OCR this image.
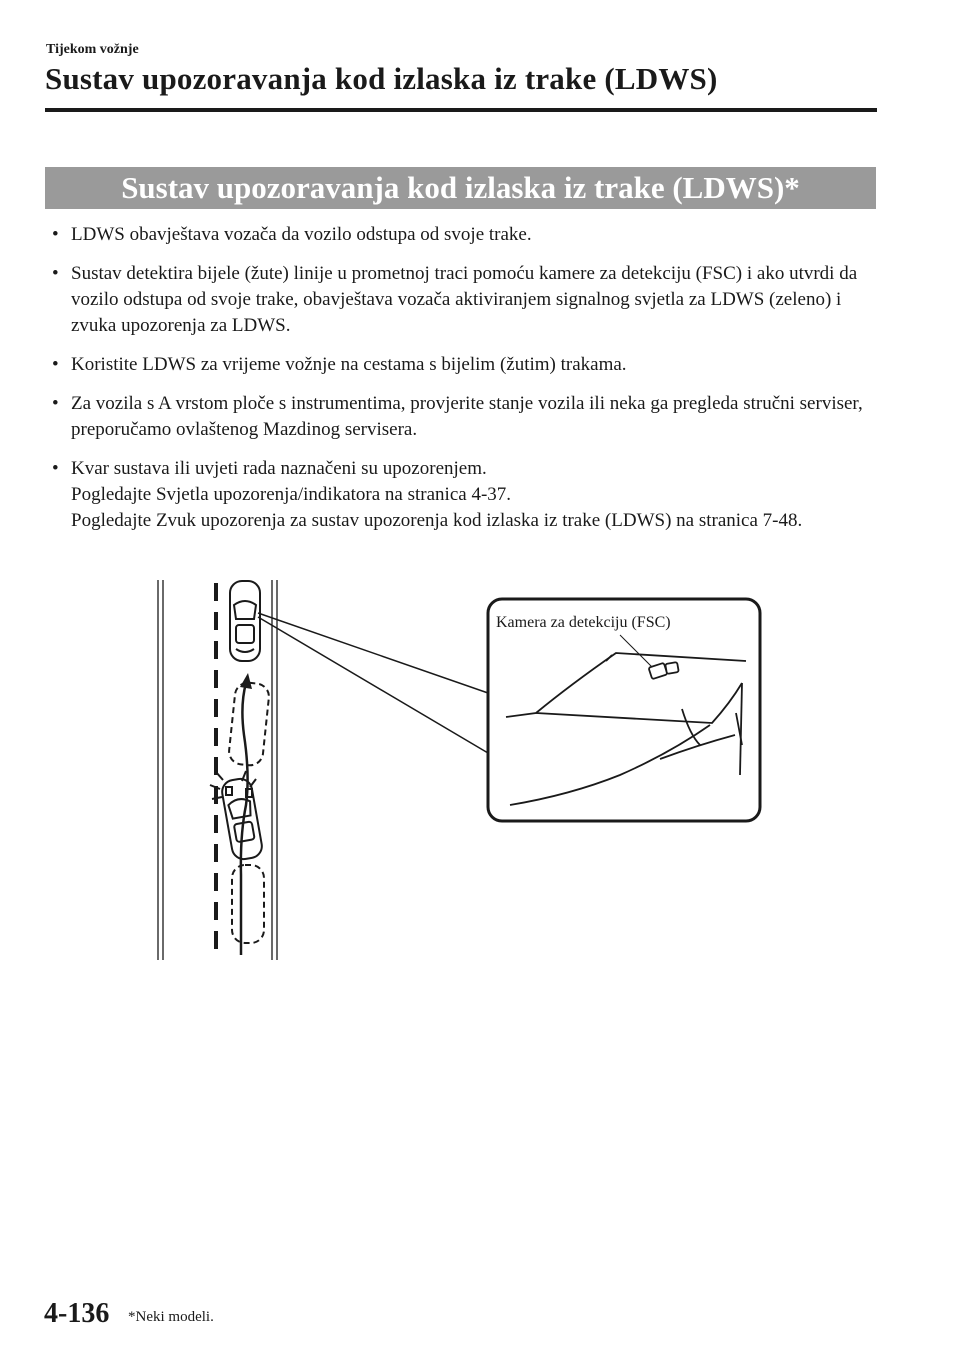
Tijekom vožnje
Sustav upozoravanja kod izlaska iz trake (LDWS)
Sustav upozoravanja kod izlaska iz trake (LDWS)*
• LDWS obavještava vozača da vozilo odstupa od svoje trake.

• Sustav detektira bijele (žute) linije u prometnoj traci pomoću kamere za detekciju (FSC) i ako utvrdi da vozilo odstupa od svoje trake, obavještava vozača aktiviranjem signalnog svjetla za LDWS (zeleno) i zvuka upozorenja za LDWS.

• Koristite LDWS za vrijeme vožnje na cestama s bijelim (žutim) trakama.

• Za vozila s A vrstom ploče s instrumentima, provjerite stanje vozila ili neka ga pregleda stručni serviser, preporučamo ovlaštenog Mazdinog servisera.

• Kvar sustava ili uvjeti rada naznačeni su upozorenjem.

Pogledajte Svjetla upozorenja/indikatora na stranica 4-37.

Pogledajte Zvuk upozorenja za sustav upozorenja kod izlaska iz trake (LDWS) na stranica 7-48.

Kamera za detekciju (FSC)
4-136 *Neki modeli.
